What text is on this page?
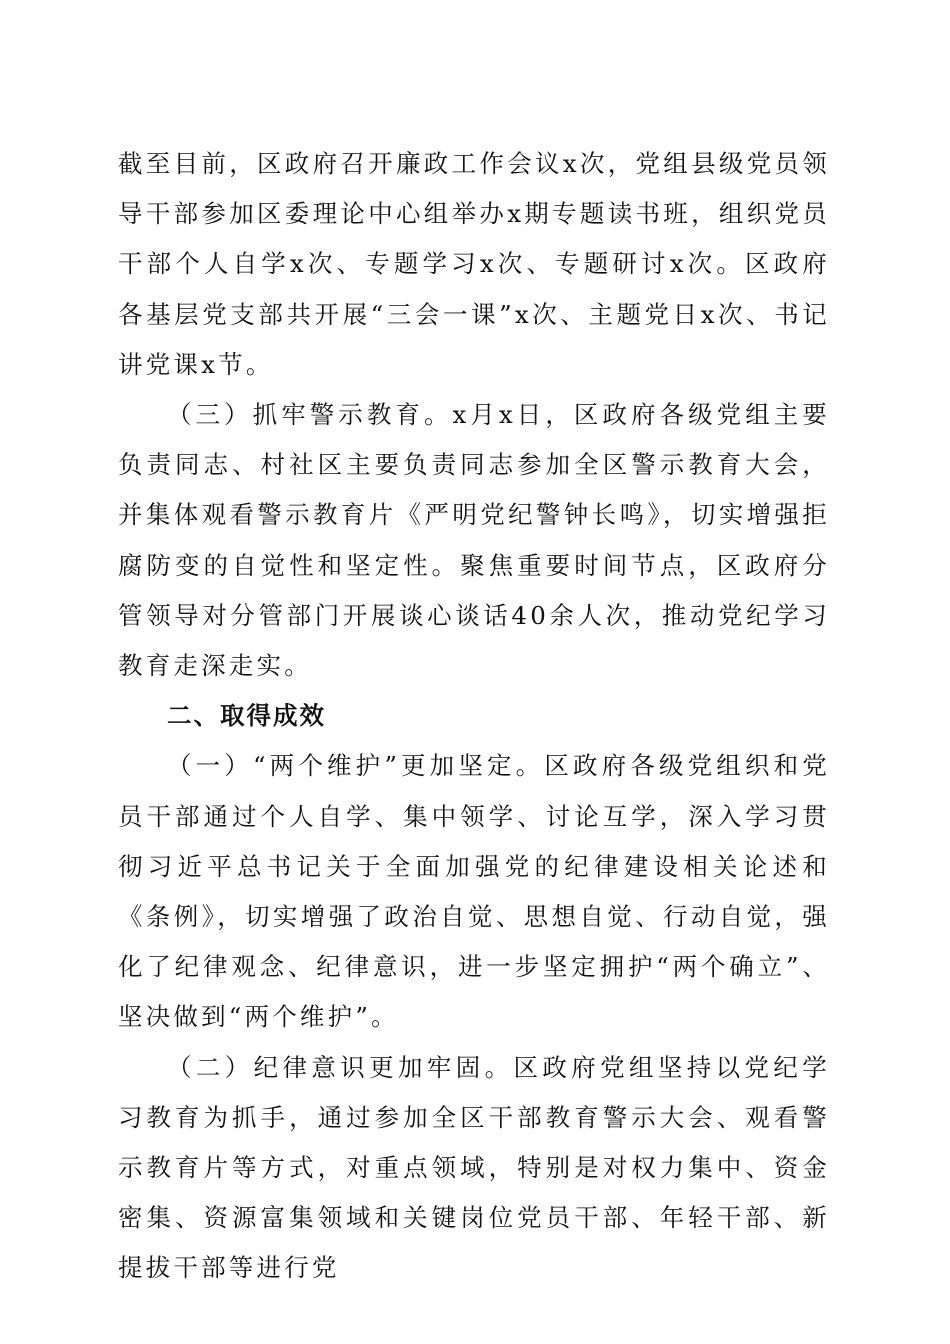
截至目前，区政府召开廉政工作会议x次，党组县级党员领导干部参加区委理论中心组举办x期专题读书班，组织党员干部个人自学x次、专题学习x次、专题研讨x次。区政府各基层党支部共开展“三会一课”x次、主题党日x次、书记讲党课x节。

（三）抓牢警示教育。x月x日，区政府各级党组主要负责同志、村社区主要负责同志参加全区警示教育大会，并集体观看警示教育片《严明党纪警钟长鸣》，切实增强拒腐防变的自觉性和坚定性。聚焦重要时间节点，区政府分管领导对分管部门开展谈心谈话40余人次，推动党纪学习教育走深走实。

二、取得成效

（一）“两个维护”更加坚定。区政府各级党组织和党员干部通过个人自学、集中领学、讨论互学，深入学习贯彻习近平总书记关于全面加强党的纪律建设相关论述和《条例》，切实增强了政治自觉、思想自觉、行动自觉，强化了纪律观念、纪律意识，进一步坚定拥护“两个确立”、坚决做到“两个维护”。

（二）纪律意识更加牢固。区政府党组坚持以党纪学习教育为抓手，通过参加全区干部教育警示大会、观看警示教育片等方式，对重点领域，特别是对权力集中、资金密集、资源富集领域和关键岗位党员干部、年轻干部、新提拔干部等进行党
